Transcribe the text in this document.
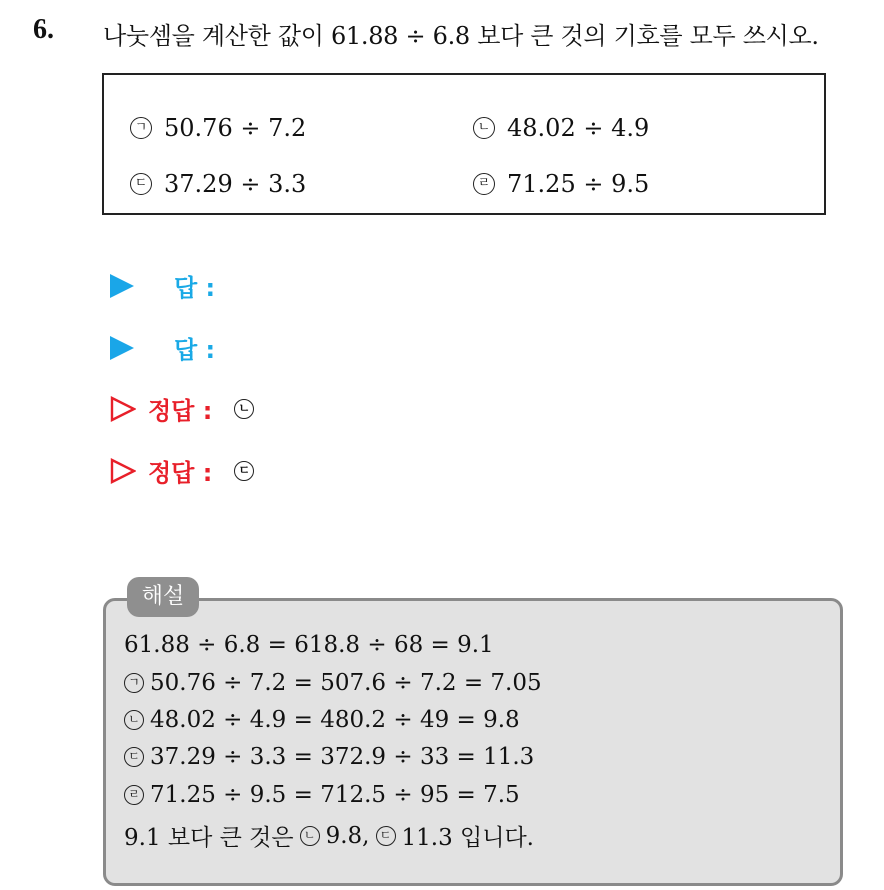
6. 나눗셈을 계산한 값이 61.88 ÷ 6.8 보다 큰 것의 기호를 모두 쓰시오.
ㄱ 50.76 ÷ 7.2	ㄴ 48.02 ÷ 4.9
ㄷ 37.29 ÷ 3.3	ㄹ 71.25 ÷ 9.5
답 :
답 :
정답 :	ㄴ
정답 :	ㄷ
해설
61.88 ÷ 6.8 = 618.8 ÷ 68 = 9.1
ㄱ 50.76 ÷ 7.2 = 507.6 ÷ 7.2 = 7.05
ㄴ 48.02 ÷ 4.9 = 480.2 ÷ 49 = 9.8
ㄷ 37.29 ÷ 3.3 = 372.9 ÷ 33 = 11.3
ㄹ 71.25 ÷ 9.5 = 712.5 ÷ 95 = 7.5
9.1 보다 큰 것은 ㄴ 9.8, ㄷ 11.3 입니다.
